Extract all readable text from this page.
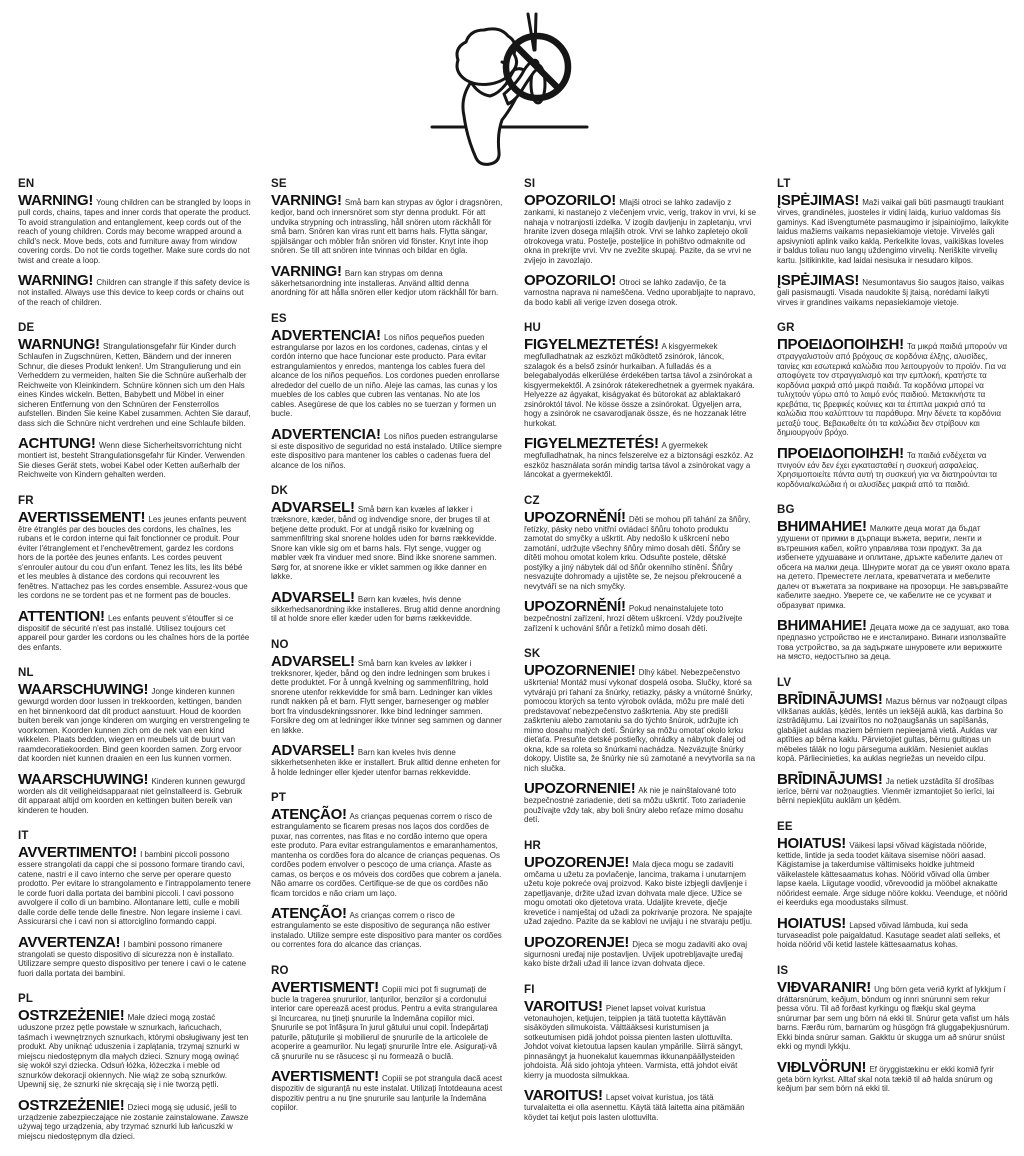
EN

WARNING! Young children can be strangled by loops in pull cords, chains, tapes and inner cords that operate the product. To avoid strangulation and entanglement, keep cords out of the reach of young children. Cords may become wrapped around a child's neck. Move beds, cots and furniture away from window covering cords. Do not tie cords together. Make sure cords do not twist and create a loop.

WARNING! Children can strangle if this safety device is not installed. Always use this device to keep cords or chains out of the reach of children.

DE

WARNUNG! Strangulationsgefahr für Kinder durch Schlaufen in Zugschnüren, Ketten, Bändern und der inneren Schnur, die dieses Produkt lenken!. Um Strangulierung und ein Verheddern zu vermeiden, halten Sie die Schnüre außerhalb der Reichweite von Kleinkindern. Schnüre können sich um den Hals eines Kindes wickeln. Betten, Babybett und Möbel in einer sicheren Entfernung von den Schnüren der Fensterrollos aufstellen. Binden Sie keine Kabel zusammen. Achten Sie darauf, dass sich die Schnüre nicht verdrehen und eine Schlaufe bilden.

ACHTUNG! Wenn diese Sicherheitsvorrichtung nicht montiert ist, besteht Strangulationsgefahr für Kinder. Verwenden Sie dieses Gerät stets, wobei Kabel oder Ketten außerhalb der Reichweite von Kindern gehalten werden.

FR

AVERTISSEMENT! Les jeunes enfants peuvent être étranglés par des boucles des cordons, les chaînes, les rubans et le cordon interne qui fait fonctionner ce produit. Pour éviter l'étranglement et l'enchevêtrement, gardez les cordons hors de la portée des jeunes enfants. Les cordes peuvent s'enrouler autour du cou d'un enfant. Tenez les lits, les lits bébé et les meubles à distance des cordons qui recouvrent les fenêtres. N'attachez pas les cordes ensemble. Assurez-vous que les cordons ne se tordent pas et ne forment pas de boucles.

ATTENTION! Les enfants peuvent s'étouffer si ce dispositif de sécurité n'est pas installé. Utilisez toujours cet appareil pour garder les cordons ou les chaînes hors de la portée des enfants.

NL

WAARSCHUWING! Jonge kinderen kunnen gewurgd worden door lussen in trekkoorden, kettingen, banden en het binnenkoord dat dit product aanstuurt. Houd de koorden buiten bereik van jonge kinderen om wurging en verstrengeling te voorkomen. Koorden kunnen zich om de nek van een kind wikkelen. Plaats bedden, wiegen en meubels uit de buurt van raamdecoratiekoorden. Bind geen koorden samen. Zorg ervoor dat koorden niet kunnen draaien en een lus kunnen vormen.

WAARSCHUWING! Kinderen kunnen gewurgd worden als dit veiligheidsapparaat niet geïnstalleerd is. Gebruik dit apparaat altijd om koorden en kettingen buiten bereik van kinderen te houden.

IT

AVVERTIMENTO! I bambini piccoli possono essere strangolati da cappi che si possono formare tirando cavi, catene, nastri e il cavo interno che serve per operare questo prodotto. Per evitare lo strangolamento e l'intrappolamento tenere le corde fuori dalla portata dei bambini piccoli. I cavi possono avvolgere il collo di un bambino. Allontanare letti, culle e mobili dalle corde delle tende delle finestre. Non legare insieme i cavi. Assicurarsi che i cavi non si attorciglino formando cappi.

AVVERTENZA! I bambini possono rimanere strangolati se questo dispositivo di sicurezza non è installato. Utilizzare sempre questo dispositivo per tenere i cavi o le catene fuori dalla portata dei bambini.

PL

OSTRZEŻENIE! Małe dzieci mogą zostać uduszone przez pętle powstałe w sznurkach, łańcuchach, taśmach i wewnętrznych sznurkach, którymi obsługiwany jest ten produkt. Aby uniknąć uduszenia i zaplątania, trzymaj sznurki w miejscu niedostępnym dla małych dzieci. Sznury mogą owinąć się wokół szyi dziecka. Odsuń łóżka, łóżeczka i meble od sznurków dekoracji okiennych. Nie wiąż ze sobą sznurków. Upewnij się, że sznurki nie skręcają się i nie tworzą pętli.

OSTRZEŻENIE! Dzieci mogą się udusić, jeśli to urządzenie zabezpieczające nie zostanie zainstalowane. Zawsze używaj tego urządzenia, aby trzymać sznurki lub łańcuszki w miejscu niedostępnym dla dzieci.

SE

VARNING! Små barn kan strypas av öglor i dragsnören, kedjor, band och innersnöret som styr denna produkt. För att undvika strypning och intrassling, håll snören utom räckhåll för små barn. Snören kan viras runt ett barns hals. Flytta sängar, spjälsängar och möbler från snören vid fönster. Knyt inte ihop snören. Se till att snören inte tvinnas och bildar en ögla.

VARNING! Barn kan strypas om denna säkerhetsanordning inte installeras. Använd alltid denna anordning för att hålla snören eller kedjor utom räckhåll för barn.

ES

ADVERTENCIA! Los niños pequeños pueden estrangularse por lazos en los cordones, cadenas, cintas y el cordón interno que hace funcionar este producto. Para evitar estrangulamientos y enredos, mantenga los cables fuera del alcance de los niños pequeños. Los cordones pueden enrollarse alrededor del cuello de un niño. Aleje las camas, las cunas y los muebles de los cables que cubren las ventanas. No ate los cables. Asegúrese de que los cables no se tuerzan y formen un bucle.

ADVERTENCIA! Los niños pueden estrangularse si este dispositivo de seguridad no está instalado. Utilice siempre este dispositivo para mantener los cables o cadenas fuera del alcance de los niños.

DK

ADVARSEL! Små børn kan kvæles af løkker i træksnore, kæder, bånd og indvendige snore, der bruges til at betjene dette produkt. For at undgå risiko for kvælning og sammenfiltring skal snorene holdes uden for børns rækkevidde. Snore kan vikle sig om et barns hals. Flyt senge, vugger og møbler væk fra vinduer med snore. Bind ikke snorene sammen. Sørg for, at snorene ikke er viklet sammen og ikke danner en løkke.

ADVARSEL! Børn kan kvæles, hvis denne sikkerhedsanordning ikke installeres. Brug altid denne anordning til at holde snore eller kæder uden for børns rækkevidde.

NO

ADVARSEL! Små barn kan kveles av løkker i trekksnorer, kjeder, bånd og den indre ledningen som brukes i dette produktet. For å unngå kvelning og sammenfiltring, hold snorene utenfor rekkevidde for små barn. Ledninger kan vikles rundt nakken på et barn. Flytt senger, barnesenger og møbler bort fra vindusdekningssnorer. Ikke bind ledninger sammen. Forsikre deg om at ledninger ikke tvinner seg sammen og danner en løkke.

ADVARSEL! Barn kan kveles hvis denne sikkerhetsenheten ikke er installert. Bruk alltid denne enheten for å holde ledninger eller kjeder utenfor barnas rekkevidde.

PT

ATENÇÃO! As crianças pequenas correm o risco de estrangulamento se ficarem presas nos laços dos cordões de puxar, nas correntes, nas fitas e no cordão interno que opera este produto. Para evitar estrangulamentos e emaranhamentos, mantenha os cordões fora do alcance de crianças pequenas. Os cordões podem envolver o pescoço de uma criança. Afaste as camas, os berços e os móveis dos cordões que cobrem a janela. Não amarre os cordões. Certifique-se de que os cordões não ficam torcidos e não criam um laço.

ATENÇÃO! As crianças correm o risco de estrangulamento se este dispositivo de segurança não estiver instalado. Utilize sempre este dispositivo para manter os cordões ou correntes fora do alcance das crianças.

RO

AVERTISMENT! Copiii mici pot fi sugrumați de bucle la tragerea șnururilor, lanțurilor, benzilor și a cordonului interior care operează acest produs. Pentru a evita strangularea și încurcarea, nu țineți șnururile la îndemâna copiilor mici. Șnururile se pot înfășura în jurul gâtului unui copil. Îndepărtați paturile, pătuțurile și mobilierul de șnururile de la articolele de acoperire a geamurilor. Nu legați șnururile între ele. Asigurați-vă că șnururile nu se răsucesc și nu formează o buclă.

AVERTISMENT! Copiii se pot strangula dacă acest dispozitiv de siguranță nu este instalat. Utilizați întotdeauna acest dispozitiv pentru a nu ține șnururile sau lanțurile la îndemâna copiilor.

SI

OPOZORILO! Mlajši otroci se lahko zadavijo z zankami, ki nastanejo z vlečenjem vrvic, verig, trakov in vrvi, ki se nahaja v notranjosti izdelka. V izogib davljenju in zapletanju, vrvi hranite izven dosega mlajših otrok. Vrvi se lahko zapletejo okoli otrokovega vratu. Postelje, posteljice in pohištvo odmaknite od okna in prekrijte vrvi. Vrv ne zvežite skupaj. Pazite, da se vrvi ne zvijejo in zavozlajo.

OPOZORILO! Otroci se lahko zadavijo, če ta varnostna naprava ni nameščena. Vedno uporabljajte to napravo, da bodo kabli ali verige izven dosega otrok.

HU

FIGYELMEZTETÉS! A kisgyermekek megfulladhatnak az eszközt működtető zsinórok, láncok, szalagok és a belső zsinór hurkaiban. A fulladás és a belegabalyodás elkerülése érdekében tartsa távol a zsinórokat a kisgyermekektől. A zsinórok rátekeredhetnek a gyermek nyakára. Helyezze az ágyakat, kiságyakat és bútorokat az ablaktakaró zsinóroktól távol. Ne kösse össze a zsinórokat. Ügyeljen arra, hogy a zsinórok ne csavarodjanak össze, és ne hozzanak létre hurkokat.

FIGYELMEZTETÉS! A gyermekek megfulladhatnak, ha nincs felszerelve ez a biztonsági eszköz. Az eszköz használata során mindig tartsa távol a zsinórokat vagy a láncokat a gyermekektől.

CZ

UPOZORNĚNÍ! Děti se mohou při tahání za šňůry, řetízky, pásky nebo vnitřní ovládací šňůru tohoto produktu zamotat do smyčky a uškrtit. Aby nedošlo k uškrcení nebo zamotání, udržujte všechny šňůry mimo dosah dětí. Šňůry se dítěti mohou omotat kolem krku. Odsuňte postele, dětské postýlky a jiný nábytek dál od šňůr okenního stínění. Šňůry nesvazujte dohromady a ujistěte se, že nejsou překroucené a nevytváří se na nich smyčky.

UPOZORNĚNÍ! Pokud nenainstalujete toto bezpečnostní zařízení, hrozí dětem uškrcení. Vždy používejte zařízení k uchování šňůr a řetízků mimo dosah dětí.

SK

UPOZORNENIE! Dlhý kábel. Nebezpečenstvo uškrtenia! Montáž musí vykonať dospelá osoba. Slučky, ktoré sa vytvárajú pri ťahaní za šnúrky, retiazky, pásky a vnútorné šnúrky, pomocou ktorých sa tento výrobok ovláda, môžu pre malé deti predstavovať nebezpečenstvo zaškrtenia. Aby ste predišli zaškrteniu alebo zamotaniu sa do týchto šnúrok, udržujte ich mimo dosahu malých detí. Šnúrky sa môžu omotať okolo krku dieťaťa. Presuňte detské postieľky, ohrádky a nábytok ďalej od okna, kde sa roleta so šnúrkami nachádza. Nezväzujte šnúrky dokopy. Uistite sa, že šnúrky nie sú zamotané a nevytvorila sa na nich slučka.

UPOZORNENIE! Ak nie je nainštalované toto bezpečnostné zariadenie, deti sa môžu uškrtiť. Toto zariadenie používajte vždy tak, aby boli šnúry alebo reťaze mimo dosahu detí.

HR

UPOZORENJE! Mala djeca mogu se zadaviti omčama u užetu za povlačenje, lancima, trakama i unutarnjem užetu koje pokreće ovaj proizvod. Kako biste izbjegli davljenje i zapetljavanje, držite užad izvan dohvata male djece. Užice se mogu omotati oko djetetova vrata. Udaljite krevete, dječje krevetiće i namještaj od užadi za pokrivanje prozora. Ne spajajte užad zajedno. Pazite da se kablovi ne uvijaju i ne stvaraju petlju.

UPOZORENJE! Djeca se mogu zadaviti ako ovaj sigurnosni uređaj nije postavljen. Uvijek upotrebljavajte uređaj kako biste držali užad ili lance izvan dohvata djece.

FI

VAROITUS! Pienet lapset voivat kuristua vetonauhojen, ketjujen, teippien ja tätä tuotetta käyttävän sisäköyden silmukoista. Välttääksesi kuristumisen ja sotkeutumisen pidä johdot poissa pienten lasten ulottuvilta. Johdot voivat kietoutua lapsen kaulan ympärille. Siirrä sängyt, pinnasängyt ja huonekalut kauemmas ikkunanpäällysteiden johdoista. Älä sido johtoja yhteen. Varmista, että johdot eivät kierry ja muodosta silmukkaa.

VAROITUS! Lapset voivat kuristua, jos tätä turvalaitetta ei olla asennettu. Käytä tätä laitetta aina pitämään köydet tai ketjut pois lasten ulottuvilta.

LT

ĮSPĖJIMAS! Maži vaikai gali būti pasmaugti traukiant virves, grandinėles, juosteles ir vidinį laidą, kuriuo valdomas šis gaminys. Kad išvengtumėte pasmaugimo ir įsipainiojimo, laikykite laidus mažiems vaikams nepasiekiamoje vietoje. Virvelės gali apsivynioti aplink vaiko kaklą. Perkelkite lovas, vaikiškas loveles ir baldus toliau nuo langų uždengimo virvelių. Neriškite virvelių kartu. Įsitikinkite, kad laidai nesisuka ir nesudaro kilpos.

ĮSPĖJIMAS! Nesumontavus šio saugos įtaiso, vaikas gali pasismaugti. Visada naudokite šį įtaisą, norėdami laikyti virves ir grandines vaikams nepasiekiamoje vietoje.

GR

ΠΡΟΕΙΔΟΠΟΙΗΣΗ! Τα μικρά παιδιά μπορούν να στραγγαλιστούν από βρόχους σε κορδόνια έλξης, αλυσίδες, ταινίες και εσωτερικά καλώδια που λειτουργούν το προϊόν. Για να αποφύγετε τον στραγγαλισμό και την εμπλοκή, κρατήστε τα κορδόνια μακριά από μικρά παιδιά. Τα κορδόνια μπορεί να τυλιχτούν γύρω από το λαιμό ενός παιδιού. Μετακινήστε τα κρεβάτια, τις βρεφικές κούνιες και τα έπιπλα μακριά από τα καλώδια που καλύπτουν τα παράθυρα. Μην δένετε τα κορδόνια μεταξύ τους. Βεβαιωθείτε ότι τα καλώδια δεν στρίβουν και δημιουργούν βρόχο.

ΠΡΟΕΙΔΟΠΟΙΗΣΗ! Τα παιδιά ενδέχεται να πνιγούν εάν δεν έχει εγκατασταθεί η συσκευή ασφαλείας. Χρησιμοποιείτε πάντα αυτή τη συσκευή για να διατηρούνται τα κορδόνια/καλώδια ή οι αλυσίδες μακριά από τα παιδιά.

BG

ВНИМАНИЕ! Малките деца могат да бъдат удушени от примки в дърпащи въжета, вериги, ленти и вътрешния кабел, който управлява този продукт. За да избегнете удушаване и оплитане, дръжте кабелите далеч от обсега на малки деца. Шнурите могат да се увият около врата на детето. Преместете леглата, креватчетата и мебелите далеч от въжетата за покриване на прозорци. Не завързвайте кабелите заедно. Уверете се, че кабелите не се усукват и образуват примка.

ВНИМАНИЕ! Децата може да се задушат, ако това предпазно устройство не е инсталирано. Винаги използвайте това устройство, за да задържате шнуровете или верижките на място, недостъпно за деца.

LV

BRĪDINĀJUMS! Mazus bērnus var nožņaugt cilpas vilkšanas auklās, ķēdēs, lentēs un iekšējā auklā, kas darbina šo izstrādājumu. Lai izvairītos no nožņaugšanās un sapīšanās, glabājiet auklas maziem bērniem nepieejamā vietā. Auklas var aptīties ap bērna kaklu. Pārvietojiet gultas, bērnu gultiņas un mēbeles tālāk no logu pārseguma auklām. Nesieniet auklas kopā. Pārliecinieties, ka auklas negriežas un neveido cilpu.

BRĪDINĀJUMS! Ja netiek uzstādīta šī drošības ierīce, bērni var nožņaugties. Vienmēr izmantojiet šo ierīci, lai bērni nepiekļūtu auklām un ķēdēm.

EE

HOIATUS! Väikesi lapsi võivad kägistada nööride, kettide, lintide ja seda toodet käitava sisemise nööri aasad. Kägistamise ja takerdumise vältimiseks hoidke juhtmeid väikelastele kättesaamatus kohas. Nöörid võivad olla ümber lapse kaela. Liigutage voodid, võrevoodid ja mööbel aknakatte nööridest eemale. Ärge siduge nööre kokku. Veenduge, et nöörid ei keerduks ega moodustaks silmust.

HOIATUS! Lapsed võivad lämbuda, kui seda turvaseadist pole paigaldatud. Kasutage seadet alati selleks, et hoida nöörid või ketid lastele kättesaamatus kohas.

IS

VIÐVARANIR! Ung börn geta verið kyrkt af lykkjum í dráttarsnúrum, keðjum, böndum og innri snúrunni sem rekur þessa vöru. Til að forðast kyrkingu og flækju skal geyma snúrurnar þar sem ung börn ná ekki til. Snúrur geta vafist um háls barns. Færðu rúm, barnarúm og húsgögn frá gluggaþekjusnúrum. Ekki binda snúrur saman. Gakktu úr skugga um að snúrur snúist ekki og myndi lykkju.

VIÐLVÖRUN! Ef öryggistækinu er ekki komið fyrir geta börn kyrkst. Alltaf skal nota tækið til að halda snúrum og keðjum þar sem börn ná ekki til.
